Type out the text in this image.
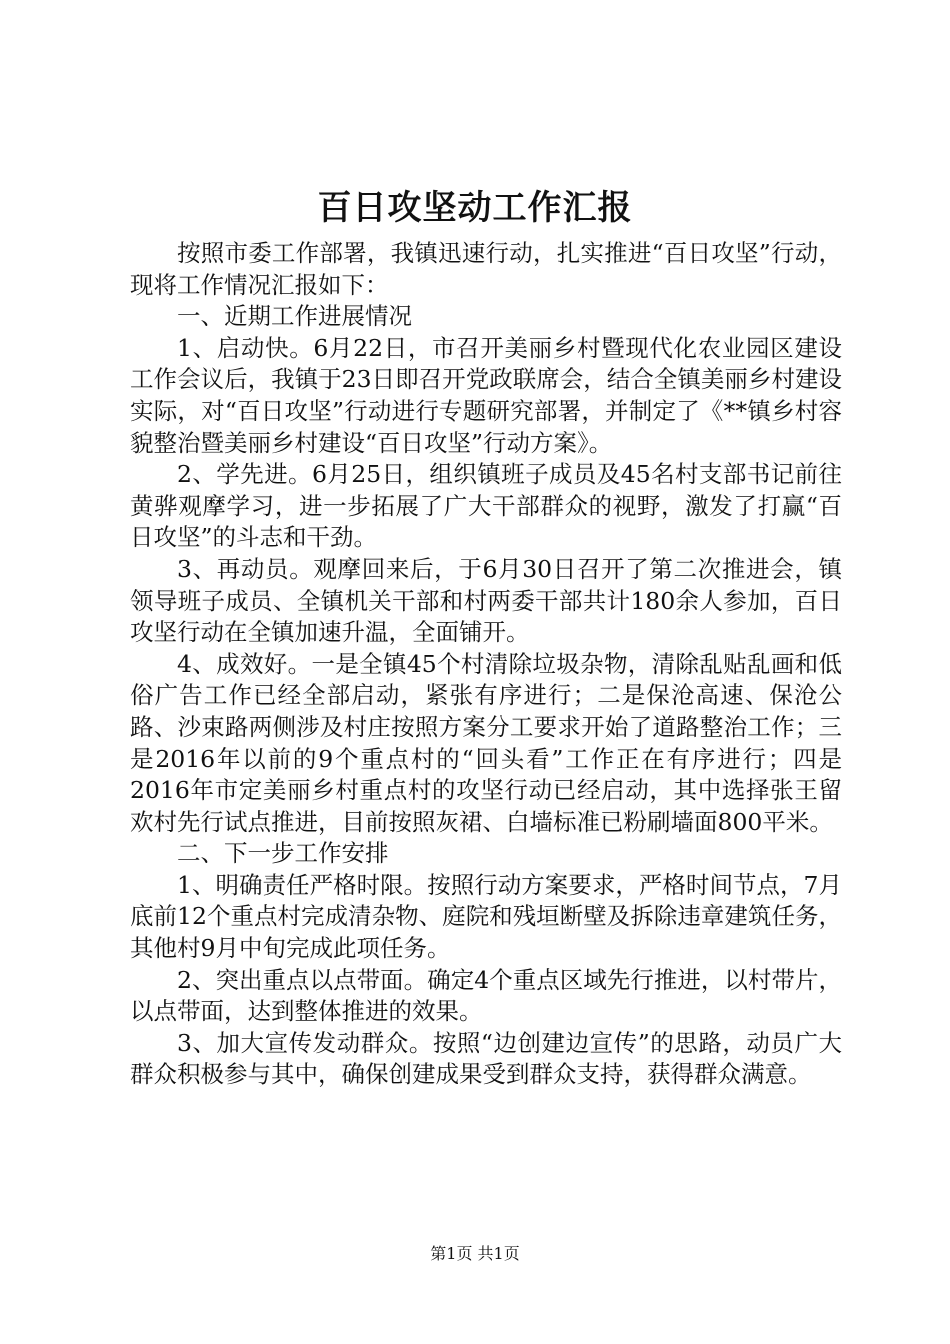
百日攻坚动工作汇报

按照市委工作部署，我镇迅速行动，扎实推进“百日攻坚”行动，现将工作情况汇报如下：

一、近期工作进展情况

1、启动快。6月22日，市召开美丽乡村暨现代化农业园区建设工作会议后，我镇于23日即召开党政联席会，结合全镇美丽乡村建设实际，对“百日攻坚”行动进行专题研究部署，并制定了《**镇乡村容貌整治暨美丽乡村建设“百日攻坚”行动方案》。

2、学先进。6月25日，组织镇班子成员及45名村支部书记前往黄骅观摩学习，进一步拓展了广大干部群众的视野，激发了打赢“百日攻坚”的斗志和干劲。

3、再动员。观摩回来后，于6月30日召开了第二次推进会，镇领导班子成员、全镇机关干部和村两委干部共计180余人参加，百日攻坚行动在全镇加速升温，全面铺开。

4、成效好。一是全镇45个村清除垃圾杂物，清除乱贴乱画和低俗广告工作已经全部启动，紧张有序进行；二是保沧高速、保沧公路、沙束路两侧涉及村庄按照方案分工要求开始了道路整治工作；三是2016年以前的9个重点村的“回头看”工作正在有序进行；四是2016年市定美丽乡村重点村的攻坚行动已经启动，其中选择张王留欢村先行试点推进，目前按照灰裙、白墙标准已粉刷墙面800平米。

二、下一步工作安排

1、明确责任严格时限。按照行动方案要求，严格时间节点，7月底前12个重点村完成清杂物、庭院和残垣断壁及拆除违章建筑任务，其他村9月中旬完成此项任务。

2、突出重点以点带面。确定4个重点区域先行推进，以村带片，以点带面，达到整体推进的效果。

3、加大宣传发动群众。按照“边创建边宣传”的思路，动员广大群众积极参与其中，确保创建成果受到群众支持，获得群众满意。

第1页 共1页
